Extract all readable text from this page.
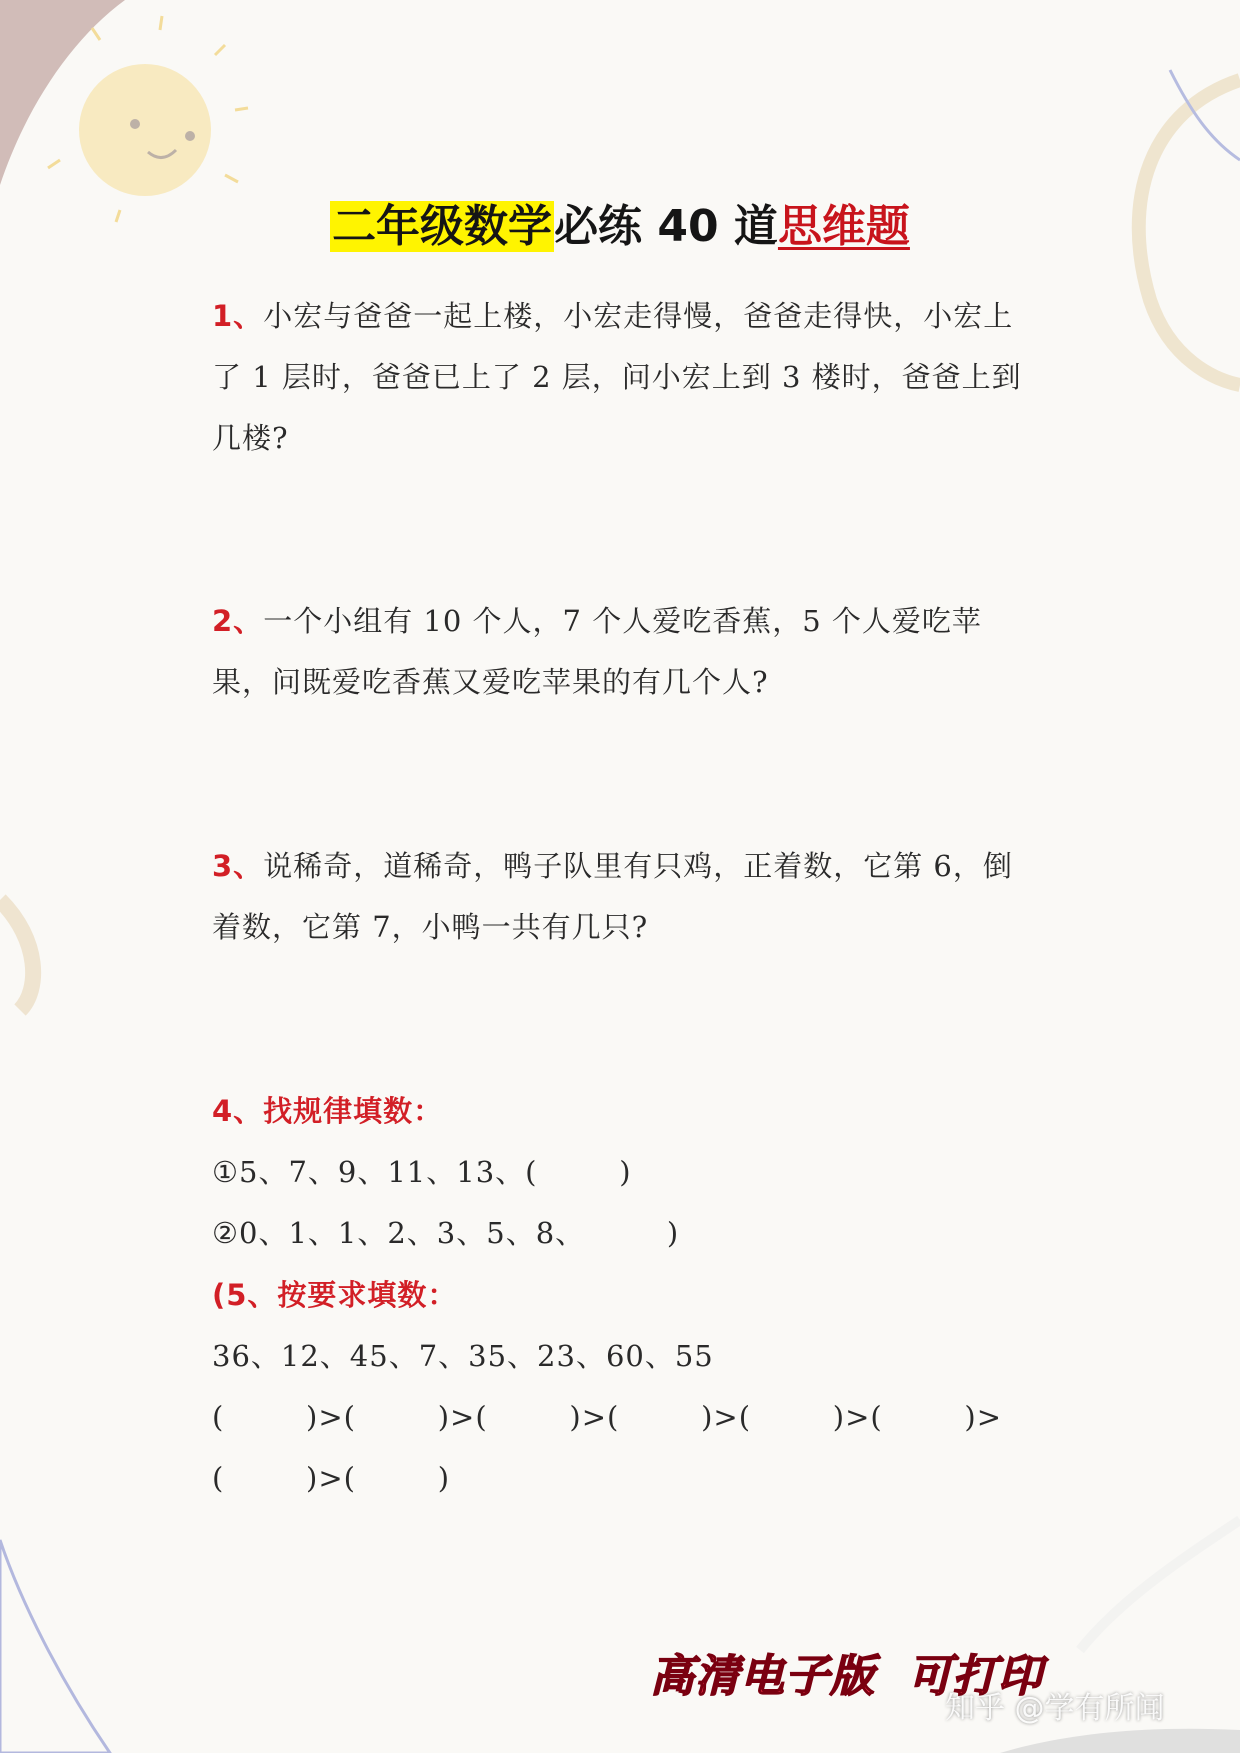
二年级数学必练 40 道思维题
1、小宏与爸爸一起上楼，小宏走得慢，爸爸走得快，小宏上了 1 层时，爸爸已上了 2 层，问小宏上到 3 楼时，爸爸上到几楼?
2、一个小组有 10 个人，7 个人爱吃香蕉，5 个人爱吃苹果，问既爱吃香蕉又爱吃苹果的有几个人?
3、说稀奇，道稀奇，鸭子队里有只鸡，正着数，它第 6，倒着数，它第 7，小鸭一共有几只?
4、找规律填数：
①5、7、9、11、13、(        )
②0、1、1、2、3、5、8、        )
(5、按要求填数：
36、12、45、7、35、23、60、55
(        )>(        )>(        )>(        )>(        )>(        )>
(        )>(        )
高清电子版  可打印
知乎 @学有所闻
